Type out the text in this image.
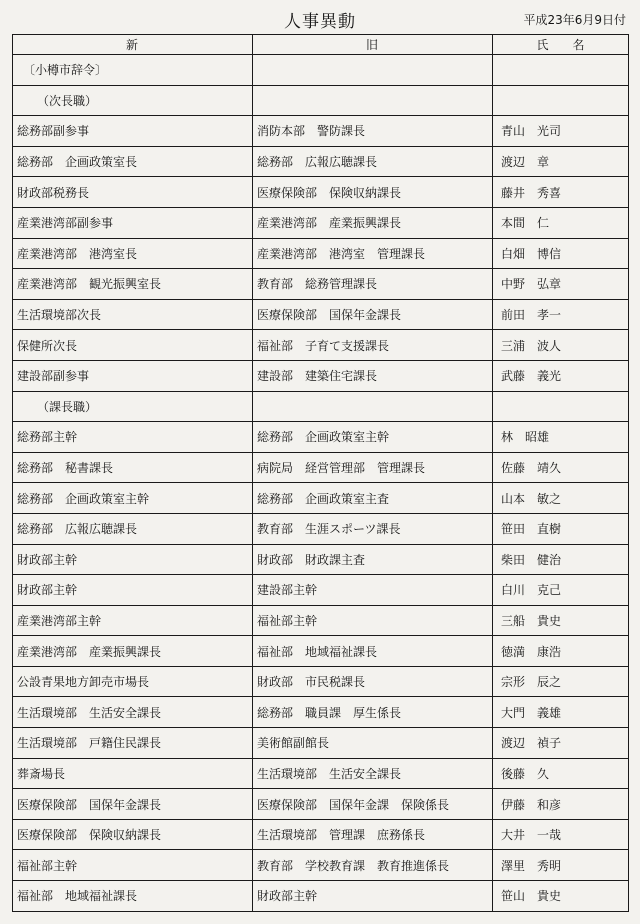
人事異動	平成23年6月9日付
新	旧	氏　　名
〔小樽市辞令〕		
（次長職）		
総務部副参事	消防本部　警防課長	青山　光司
総務部　企画政策室長	総務部　広報広聴課長	渡辺　章
財政部税務長	医療保険部　保険収納課長	藤井　秀喜
産業港湾部副参事	産業港湾部　産業振興課長	本間　仁
産業港湾部　港湾室長	産業港湾部　港湾室　管理課長	白畑　博信
産業港湾部　観光振興室長	教育部　総務管理課長	中野　弘章
生活環境部次長	医療保険部　国保年金課長	前田　孝一
保健所次長	福祉部　子育て支援課長	三浦　波人
建設部副参事	建設部　建築住宅課長	武藤　義光
（課長職）		
総務部主幹	総務部　企画政策室主幹	林　昭雄
総務部　秘書課長	病院局　経営管理部　管理課長	佐藤　靖久
総務部　企画政策室主幹	総務部　企画政策室主査	山本　敏之
総務部　広報広聴課長	教育部　生涯スポーツ課長	笹田　直樹
財政部主幹	財政部　財政課主査	柴田　健治
財政部主幹	建設部主幹	白川　克己
産業港湾部主幹	福祉部主幹	三船　貴史
産業港湾部　産業振興課長	福祉部　地域福祉課長	徳満　康浩
公設青果地方卸売市場長	財政部　市民税課長	宗形　辰之
生活環境部　生活安全課長	総務部　職員課　厚生係長	大門　義雄
生活環境部　戸籍住民課長	美術館副館長	渡辺　禎子
葬斎場長	生活環境部　生活安全課長	後藤　久
医療保険部　国保年金課長	医療保険部　国保年金課　保険係長	伊藤　和彦
医療保険部　保険収納課長	生活環境部　管理課　庶務係長	大井　一哉
福祉部主幹	教育部　学校教育課　教育推進係長	澤里　秀明
福祉部　地域福祉課長	財政部主幹	笹山　貴史
